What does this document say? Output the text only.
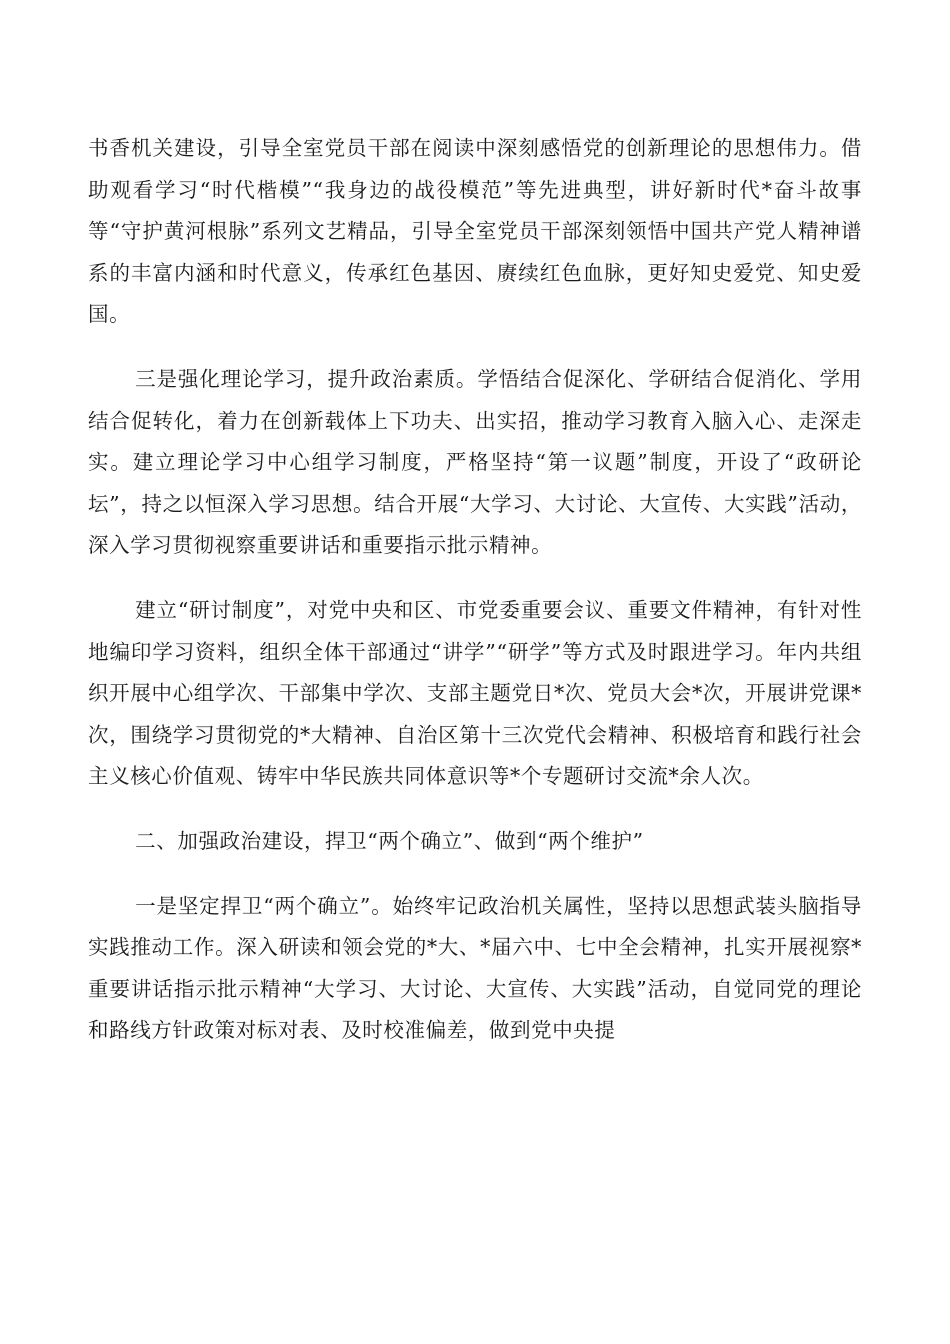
书香机关建设，引导全室党员干部在阅读中深刻感悟党的创新理论的思想伟力。借助观看学习“时代楷模”“我身边的战役模范”等先进典型，讲好新时代*奋斗故事等“守护黄河根脉”系列文艺精品，引导全室党员干部深刻领悟中国共产党人精神谱系的丰富内涵和时代意义，传承红色基因、赓续红色血脉，更好知史爱党、知史爱国。

三是强化理论学习，提升政治素质。学悟结合促深化、学研结合促消化、学用结合促转化，着力在创新载体上下功夫、出实招，推动学习教育入脑入心、走深走实。建立理论学习中心组学习制度，严格坚持“第一议题”制度，开设了“政研论坛”，持之以恒深入学习思想。结合开展“大学习、大讨论、大宣传、大实践”活动，深入学习贯彻视察重要讲话和重要指示批示精神。

建立“研讨制度”，对党中央和区、市党委重要会议、重要文件精神，有针对性地编印学习资料，组织全体干部通过“讲学”“研学”等方式及时跟进学习。年内共组织开展中心组学次、干部集中学次、支部主题党日*次、党员大会*次，开展讲党课*次，围绕学习贯彻党的*大精神、自治区第十三次党代会精神、积极培育和践行社会主义核心价值观、铸牢中华民族共同体意识等*个专题研讨交流*余人次。

二、加强政治建设，捍卫“两个确立”、做到“两个维护”

一是坚定捍卫“两个确立”。始终牢记政治机关属性，坚持以思想武装头脑指导实践推动工作。深入研读和领会党的*大、*届六中、七中全会精神，扎实开展视察*重要讲话指示批示精神“大学习、大讨论、大宣传、大实践”活动，自觉同党的理论和路线方针政策对标对表、及时校准偏差，做到党中央提
